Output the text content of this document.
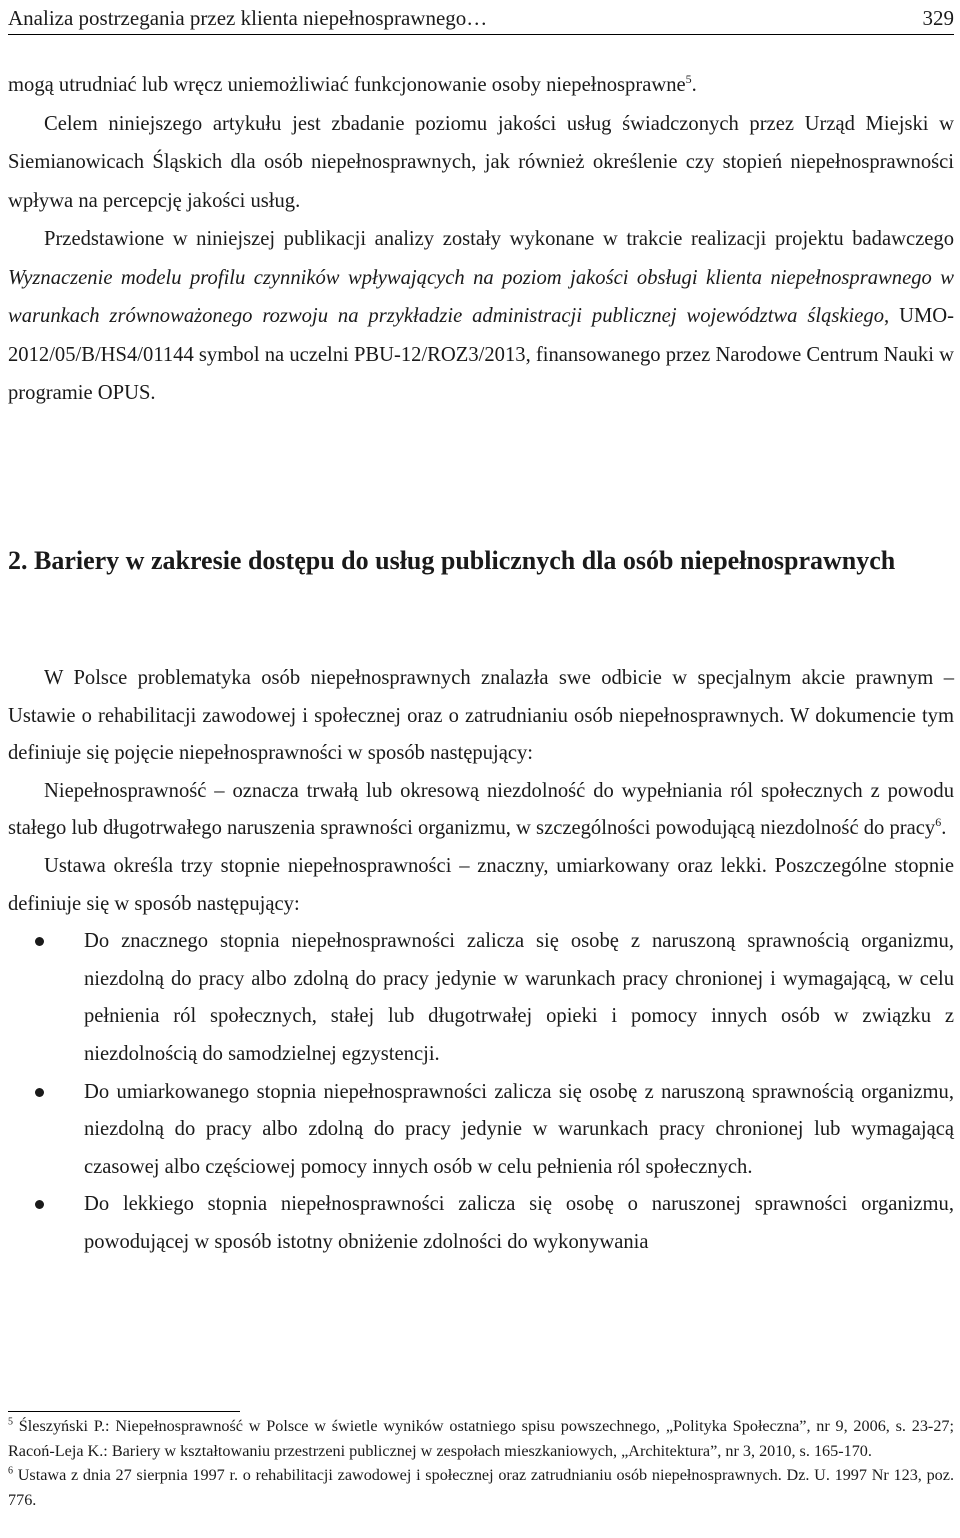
Analiza postrzegania przez klienta niepełnosprawnego…	329

mogą utrudniać lub wręcz uniemożliwiać funkcjonowanie osoby niepełnosprawne$^5$.

Celem niniejszego artykułu jest zbadanie poziomu jakości usług świadczonych przez Urząd Miejski w Siemianowicach Śląskich dla osób niepełnosprawnych, jak również określenie czy stopień niepełnosprawności wpływa na percepcję jakości usług.

Przedstawione w niniejszej publikacji analizy zostały wykonane w trakcie realizacji projektu badawczego Wyznaczenie modelu profilu czynników wpływających na poziom jakości obsługi klienta niepełnosprawnego w warunkach zrównoważonego rozwoju na przykładzie administracji publicznej województwa śląskiego, UMO-2012/05/B/HS4/01144 symbol na uczelni PBU-12/ROZ3/2013, finansowanego przez Narodowe Centrum Nauki w programie OPUS.

2. Bariery w zakresie dostępu do usług publicznych dla osób niepełnosprawnych

W Polsce problematyka osób niepełnosprawnych znalazła swe odbicie w specjalnym akcie prawnym – Ustawie o rehabilitacji zawodowej i społecznej oraz o zatrudnianiu osób niepełnosprawnych. W dokumencie tym definiuje się pojęcie niepełnosprawności w sposób następujący:

Niepełnosprawność – oznacza trwałą lub okresową niezdolność do wypełniania ról społecznych z powodu stałego lub długotrwałego naruszenia sprawności organizmu, w szczególności powodującą niezdolność do pracy$^6$.

Ustawa określa trzy stopnie niepełnosprawności – znaczny, umiarkowany oraz lekki. Poszczególne stopnie definiuje się w sposób następujący:

Do znacznego stopnia niepełnosprawności zalicza się osobę z naruszoną sprawnością organizmu, niezdolną do pracy albo zdolną do pracy jedynie w warunkach pracy chronionej i wymagającą, w celu pełnienia ról społecznych, stałej lub długotrwałej opieki i pomocy innych osób w związku z niezdolnością do samodzielnej egzystencji.
Do umiarkowanego stopnia niepełnosprawności zalicza się osobę z naruszoną sprawnością organizmu, niezdolną do pracy albo zdolną do pracy jedynie w warunkach pracy chronionej lub wymagającą czasowej albo częściowej pomocy innych osób w celu pełnienia ról społecznych.
Do lekkiego stopnia niepełnosprawności zalicza się osobę o naruszonej sprawności organizmu, powodującej w sposób istotny obniżenie zdolności do wykonywania

$^5$ Śleszyński P.: Niepełnosprawność w Polsce w świetle wyników ostatniego spisu powszechnego, „Polityka Społeczna”, nr 9, 2006, s. 23-27; Racoń-Leja K.: Bariery w kształtowaniu przestrzeni publicznej w zespołach mieszkaniowych, „Architektura”, nr 3, 2010, s. 165-170.

$^6$ Ustawa z dnia 27 sierpnia 1997 r. o rehabilitacji zawodowej i społecznej oraz zatrudnianiu osób niepełnosprawnych. Dz. U. 1997 Nr 123, poz. 776.
